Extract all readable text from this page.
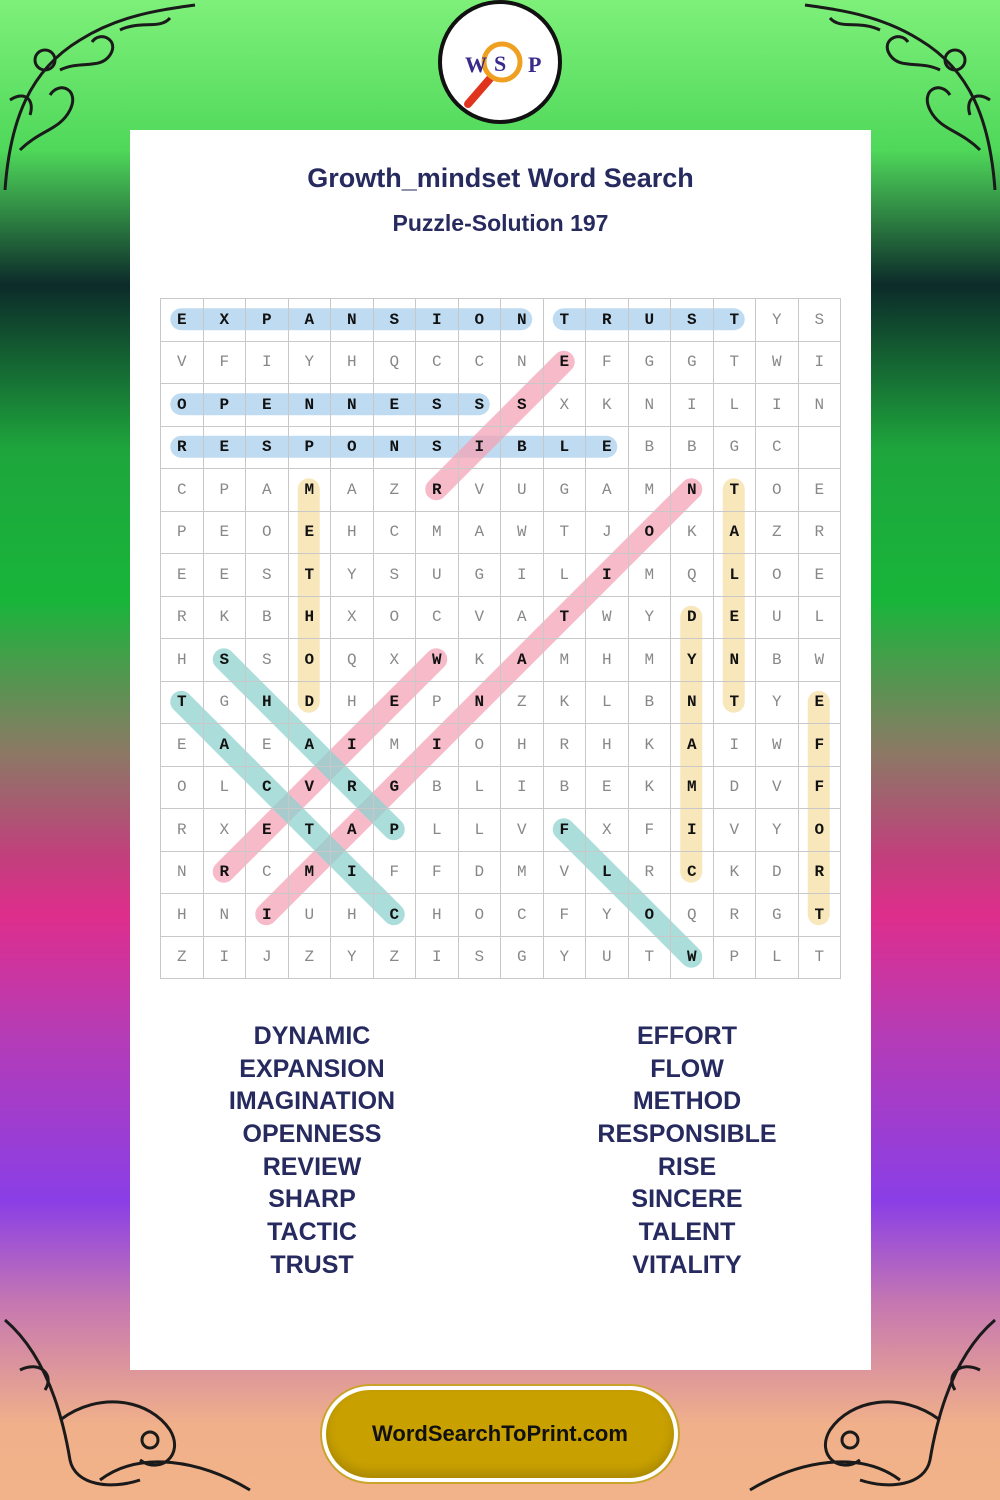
W S P
Growth_mindset Word Search
Puzzle-Solution 197
E	X	P	A	N	S	I	O	N	T	R	U	S	T	Y	S
V	F	I	Y	H	Q	C	C	N	E	F	G	G	T	W	I
O	P	E	N	N	E	S	S	S	X	K	N	I	L	I	N
R	E	S	P	O	N	S	I	B	L	E	B	B	G	C
C	P	A	M	A	Z	R	V	U	G	A	M	N	T	O	E
P	E	O	E	H	C	M	A	W	T	J	O	K	A	Z	R
E	E	S	T	Y	S	U	G	I	L	I	M	Q	L	O	E
R	K	B	H	X	O	C	V	A	T	W	Y	D	E	U	L
H	S	S	O	Q	X	W	K	A	M	H	M	Y	N	B	W
T	G	H	D	H	E	P	N	Z	K	L	B	N	T	Y	E
E	A	E	A	I	M	I	O	H	R	H	K	A	I	W	F
O	L	C	V	R	G	B	L	I	B	E	K	M	D	V	F
R	X	E	T	A	P	L	L	V	F	X	F	I	V	Y	O
N	R	C	M	I	F	F	D	M	V	L	R	C	K	D	R
H	N	I	U	H	C	H	O	C	F	Y	O	Q	R	G	T
Z	I	J	Z	Y	Z	I	S	G	Y	U	T	W	P	L	T
DYNAMIC
EXPANSION
IMAGINATION
OPENNESS
REVIEW
SHARP
TACTIC
TRUST
EFFORT
FLOW
METHOD
RESPONSIBLE
RISE
SINCERE
TALENT
VITALITY
WordSearchToPrint.com
